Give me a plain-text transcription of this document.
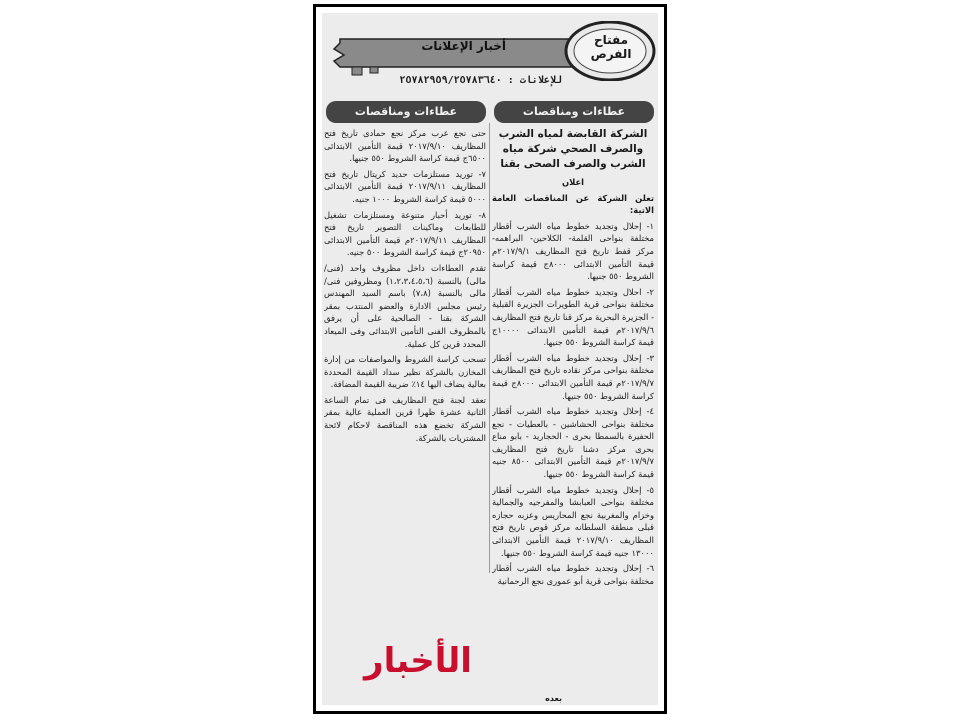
مفتاح الفرص
أخبار الإعلانات
للإعلانات : ٢٥٧٨٢٩٥٩/٢٥٧٨٣٦٤٠
عطاءات ومناقصات
عطاءات ومناقصات
الشركة القابضة لمياه الشرب والصرف الصحي شركة مياه الشرب والصرف الصحى بقنا

اعلان

تعلن الشركة عن المناقصات العامة الاتية:

١- إحلال وتجديد خطوط مياه الشرب أقطار مختلفة بنواحى القلمة- الكلاحين- البراهمه- مركز قفط تاريخ فتح المظاريف ٢٠١٧/٩/١م قيمة التأمين الابتدائى ٨٠٠٠ج قيمة كراسة الشروط ٥٥٠ جنيها.

٢- احلال وتجديد خطوط مياه الشرب أقطار مختلفة بنواحى قرية الطويرات الجزيرة القبلية - الجزيرة البحرية مركز قنا تاريخ فتح المظاريف ٢٠١٧/٩/٦م قيمة التأمين الابتدائى ١٠٠٠٠ج قيمة كراسة الشروط ٥٥٠ جنيها.

٣- إحلال وتجديد خطوط مياه الشرب أقطار مختلفة بنواحى مركز نقاده تاريخ فتح المظاريف ٢٠١٧/٩/٧م قيمة التأمين الابتدائى ٨٠٠٠ج قيمة كراسة الشروط ٥٥٠ جنيها.

٤- إحلال وتجديد خطوط مياه الشرب أقطار مختلفة بنواحى الحشاشين - بالعطيات - نجع الحفيرة بالسمطا بحرى - الحجاريد - بابو مناع بحرى مركز دشنا تاريخ فتح المظاريف ٢٠١٧/٩/٧م قيمة التأمين الابتدائى ٨٥٠٠ جنيه قيمة كراسة الشروط ٥٥٠ جنيها.

٥- إحلال وتجديد خطوط مياه الشرب أقطار مختلفة بنواحى العبابشا والمفرجيه والجمالية وخزام والمغربية نجع المحاريس وعزبه حجازه قبلى منطقة السلطانه مركز قوص تاريخ فتح المظاريف ٢٠١٧/٩/١٠ قيمة التأمين الابتدائى ١٣٠٠٠ جنيه قيمة كراسة الشروط ٥٥٠ جنيها.

٦- إحلال وتجديد خطوط مياه الشرب أقطار مختلفة بنواحى قرية أبو عمورى نجع الرحمانية

حتى نجع عرب مركز نجع حمادى تاريخ فتح المظاريف ٢٠١٧/٩/١٠ قيمة التأمين الابتدائى ٦٥٠٠ج قيمة كراسة الشروط ٥٥٠ جنيها.

٧- توريد مستلزمات حديد كريتال تاريخ فتح المظاريف ٢٠١٧/٩/١١ قيمة التأمين الابتدائى ٥٠٠٠ قيمة كراسة الشروط ١٠٠٠ جنيه.

٨- توريد أحبار متنوعة ومستلزمات تشغيل للطابعات وماكينات التصوير تاريخ فتح المظاريف ٢٠١٧/٩/١١م قيمة التأمين الابتدائى ٢٠٩٥٠ج قيمة كراسة الشروط ٥٠٠ جنيه.

تقدم العطاءات داخل مظروف واحد (فنى/ مالى) بالنسبة (١،٢،٣،٤،٥،٦) ومظروفين فنى/ مالى بالنسبة (٧،٨) باسم السيد المهندس رئيس مجلس الادارة والعضو المنتدب بمقر الشركة بقنا - الصالحية على أن يرفق بالمظروف الفنى التأمين الابتدائى وفى الميعاد المحدد قرين كل عملية.

تسحب كراسة الشروط والمواصفات من إدارة المخازن بالشركة نظير سداد القيمة المحددة بعالية يضاف اليها ١٤٪ ضريبة القيمة المضافة.

تعقد لجنة فتح المظاريف فى تمام الساعة الثانية عشرة ظهرا قرين العملية عالية بمقر الشركة تخضع هذه المناقصة لاحكام لائحة المشتريات بالشركة.

الأخبار
بعده
